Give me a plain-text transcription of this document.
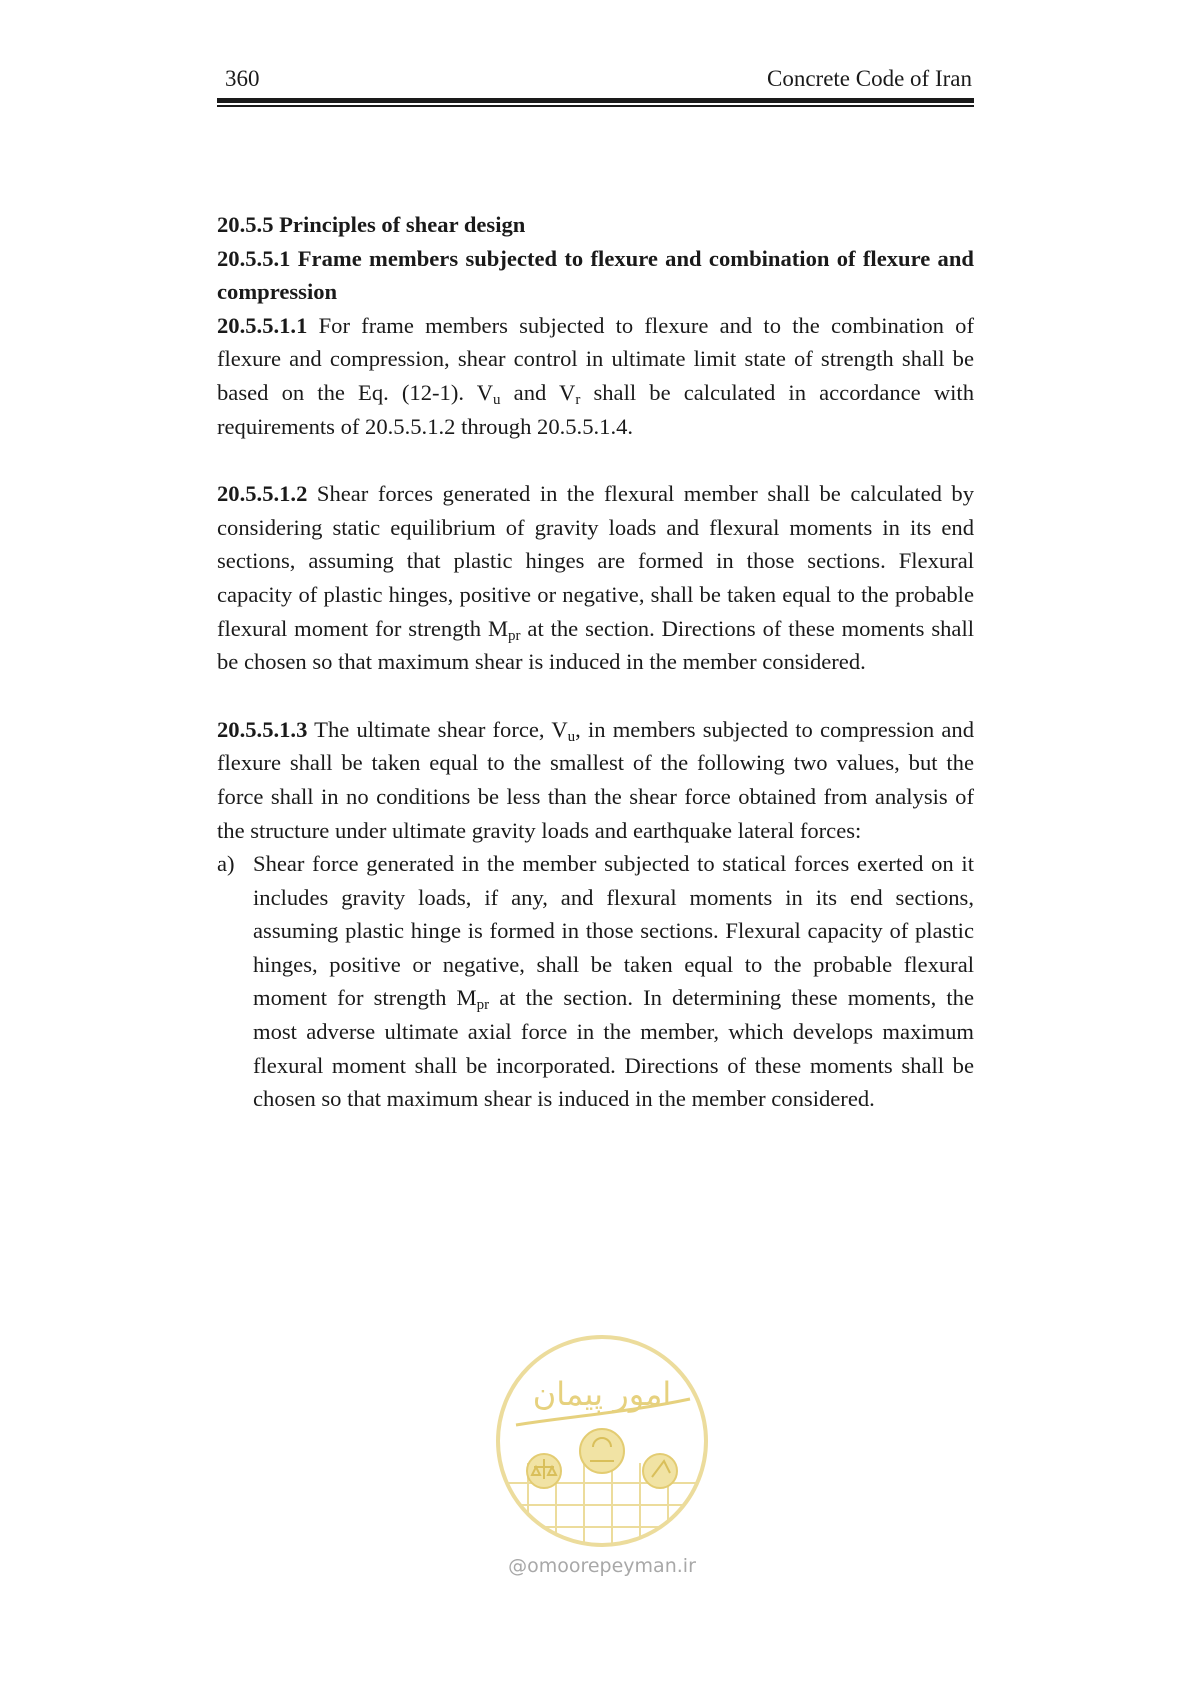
360	Concrete Code of Iran

20.5.5 Principles of shear design

20.5.5.1 Frame members subjected to flexure and combination of flexure and compression

20.5.5.1.1 For frame members subjected to flexure and to the combination of flexure and compression, shear control in ultimate limit state of strength shall be based on the Eq. (12-1). $V_u$ and $V_r$ shall be calculated in accordance with requirements of 20.5.5.1.2 through 20.5.5.1.4.

20.5.5.1.2 Shear forces generated in the flexural member shall be calculated by considering static equilibrium of gravity loads and flexural moments in its end sections, assuming that plastic hinges are formed in those sections. Flexural capacity of plastic hinges, positive or negative, shall be taken equal to the probable flexural moment for strength $M_{pr}$ at the section. Directions of these moments shall be chosen so that maximum shear is induced in the member considered.

20.5.5.1.3 The ultimate shear force, $V_u$, in members subjected to compression and flexure shall be taken equal to the smallest of the following two values, but the force shall in no conditions be less than the shear force obtained from analysis of the structure under ultimate gravity loads and earthquake lateral forces:

a) Shear force generated in the member subjected to statical forces exerted on it includes gravity loads, if any, and flexural moments in its end sections, assuming plastic hinge is formed in those sections. Flexural capacity of plastic hinges, positive or negative, shall be taken equal to the probable flexural moment for strength $M_{pr}$ at the section. In determining these moments, the most adverse ultimate axial force in the member, which develops maximum flexural moment shall be incorporated. Directions of these moments shall be chosen so that maximum shear is induced in the member considered.

امور پیمان
@omoorepeyman.ir
